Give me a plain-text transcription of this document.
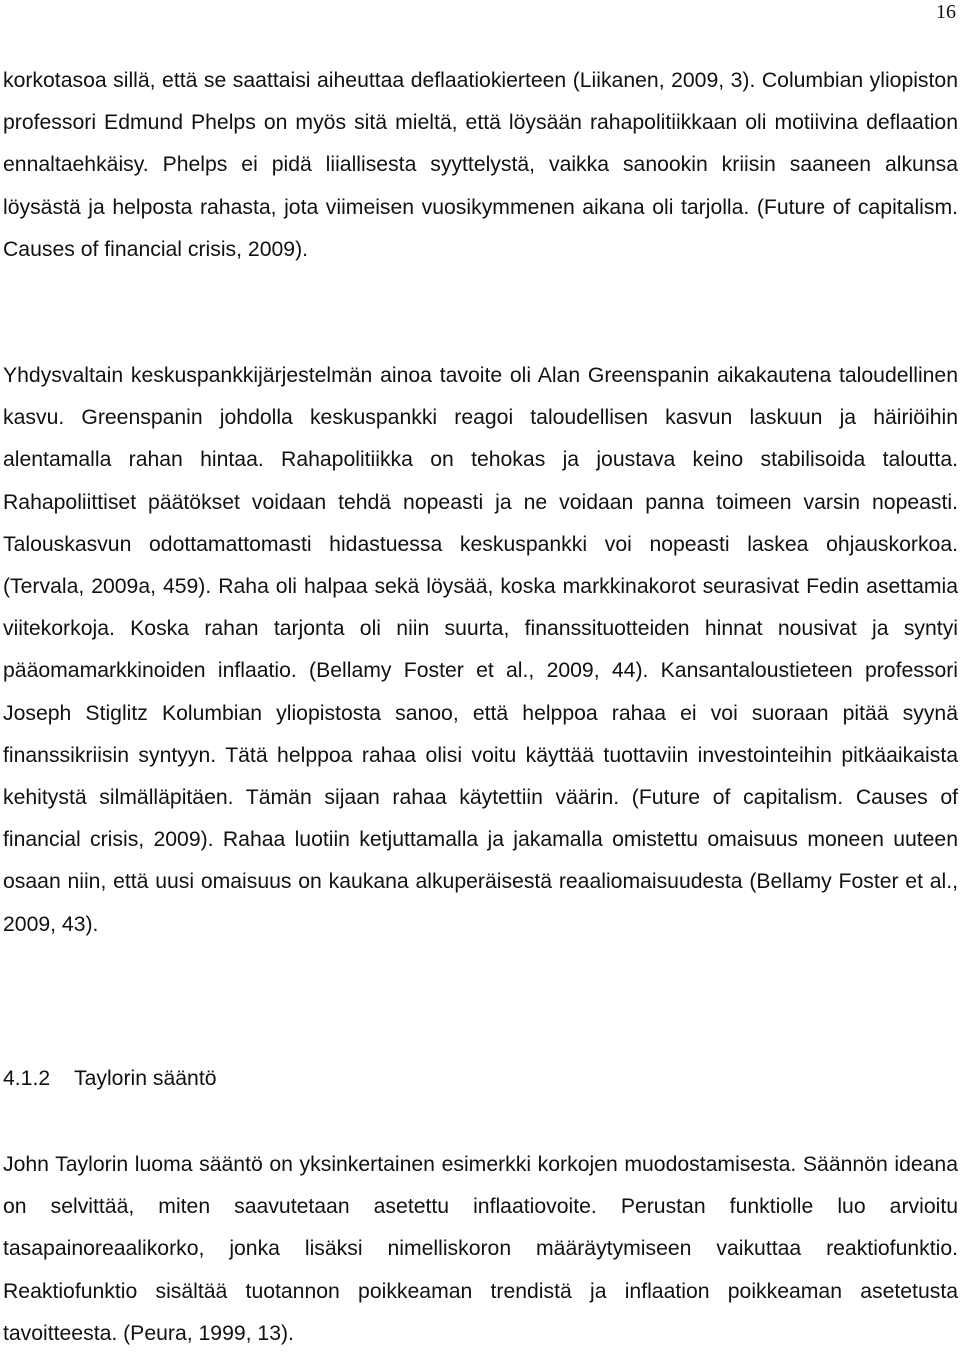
16

korkotasoa sillä, että se saattaisi aiheuttaa deflaatiokierteen (Liikanen, 2009, 3). Columbian yliopiston professori Edmund Phelps on myös sitä mieltä, että löysään rahapolitiikkaan oli motiivina deflaation ennaltaehkäisy. Phelps ei pidä liiallisesta syyttelystä, vaikka sanookin kriisin saaneen alkunsa löysästä ja helposta rahasta, jota viimeisen vuosikymmenen aikana oli tarjolla. (Future of capitalism. Causes of financial crisis, 2009).

Yhdysvaltain keskuspankkijärjestelmän ainoa tavoite oli Alan Greenspanin aikakautena taloudellinen kasvu. Greenspanin johdolla keskuspankki reagoi taloudellisen kasvun laskuun ja häiriöihin alentamalla rahan hintaa. Rahapolitiikka on tehokas ja joustava keino stabilisoida taloutta. Rahapoliittiset päätökset voidaan tehdä nopeasti ja ne voidaan panna toimeen varsin nopeasti. Talouskasvun odottamattomasti hidastuessa keskuspankki voi nopeasti laskea ohjauskorkoa. (Tervala, 2009a, 459). Raha oli halpaa sekä löysää, koska markkinakorot seurasivat Fedin asettamia viitekorkoja. Koska rahan tarjonta oli niin suurta, finanssituotteiden hinnat nousivat ja syntyi pääomamarkkinoiden inflaatio. (Bellamy Foster et al., 2009, 44). Kansantaloustieteen professori Joseph Stiglitz Kolumbian yliopistosta sanoo, että helppoa rahaa ei voi suoraan pitää syynä finanssikriisin syntyyn. Tätä helppoa rahaa olisi voitu käyttää tuottaviin investointeihin pitkäaikaista kehitystä silmälläpitäen. Tämän sijaan rahaa käytettiin väärin. (Future of capitalism. Causes of financial crisis, 2009). Rahaa luotiin ketjuttamalla ja jakamalla omistettu omaisuus moneen uuteen osaan niin, että uusi omaisuus on kaukana alkuperäisestä reaaliomaisuudesta (Bellamy Foster et al., 2009, 43).

4.1.2 Taylorin sääntö

John Taylorin luoma sääntö on yksinkertainen esimerkki korkojen muodostamisesta. Säännön ideana on selvittää, miten saavutetaan asetettu inflaatiovoite. Perustan funktiolle luo arvioitu tasapainoreaalikorko, jonka lisäksi nimelliskoron määräytymiseen vaikuttaa reaktiofunktio. Reaktiofunktio sisältää tuotannon poikkeaman trendistä ja inflaation poikkeaman asetetusta tavoitteesta. (Peura, 1999, 13).
